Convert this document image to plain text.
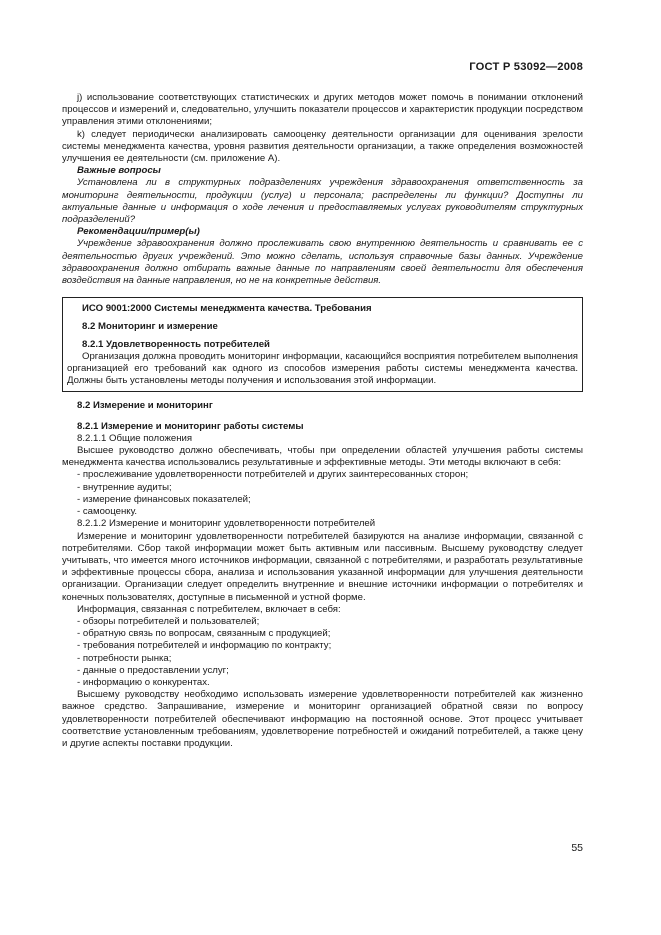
ГОСТ Р 53092—2008

j) использование соответствующих статистических и других методов может помочь в понимании отклонений процессов и измерений и, следовательно, улучшить показатели процессов и характеристик продукции посредством управления этими отклонениями;

k) следует периодически анализировать самооценку деятельности организации для оценивания зрелости системы менеджмента качества, уровня развития деятельности организации, а также определения возможностей улучшения ее деятельности (см. приложение А).

Важные вопросы

Установлена ли в структурных подразделениях учреждения здравоохранения ответственность за мониторинг деятельности, продукции (услуг) и персонала; распределены ли функции? Доступны ли актуальные данные и информация о ходе лечения и предоставляемых услугах руководителям структурных подразделений?

Рекомендации/пример(ы)

Учреждение здравоохранения должно прослеживать свою внутреннюю деятельность и сравнивать ее с деятельностью других учреждений. Это можно сделать, используя справочные базы данных. Учреждение здравоохранения должно отбирать важные данные по направлениям своей деятельности для обеспечения воздействия на данные направления, но не на конкретные действия.

ИСО 9001:2000 Системы менеджмента качества. Требования

8.2 Мониторинг и измерение

8.2.1 Удовлетворенность потребителей

Организация должна проводить мониторинг информации, касающийся восприятия потребителем выполнения организацией его требований как одного из способов измерения работы системы менеджмента качества. Должны быть установлены методы получения и использования этой информации.

8.2 Измерение и мониторинг

8.2.1 Измерение и мониторинг работы системы

8.2.1.1 Общие положения

Высшее руководство должно обеспечивать, чтобы при определении областей улучшения работы системы менеджмента качества использовались результативные и эффективные методы. Эти методы включают в себя:

- прослеживание удовлетворенности потребителей и других заинтересованных сторон;

- внутренние аудиты;

- измерение финансовых показателей;

- самооценку.

8.2.1.2 Измерение и мониторинг удовлетворенности потребителей

Измерение и мониторинг удовлетворенности потребителей базируются на анализе информации, связанной с потребителями. Сбор такой информации может быть активным или пассивным. Высшему руководству следует учитывать, что имеется много источников информации, связанной с потребителями, и разработать результативные и эффективные процессы сбора, анализа и использования указанной информации для улучшения деятельности организации. Организации следует определить внутренние и внешние источники информации о потребителях и конечных пользователях, доступные в письменной и устной форме.

Информация, связанная с потребителем, включает в себя:

- обзоры потребителей и пользователей;

- обратную связь по вопросам, связанным с продукцией;

- требования потребителей и информацию по контракту;

- потребности рынка;

- данные о предоставлении услуг;

- информацию о конкурентах.

Высшему руководству необходимо использовать измерение удовлетворенности потребителей как жизненно важное средство. Запрашивание, измерение и мониторинг организацией обратной связи по вопросу удовлетворенности потребителей обеспечивают информацию на постоянной основе. Этот процесс учитывает соответствие установленным требованиям, удовлетворение потребностей и ожиданий потребителей, а также цену и другие аспекты поставки продукции.

55
